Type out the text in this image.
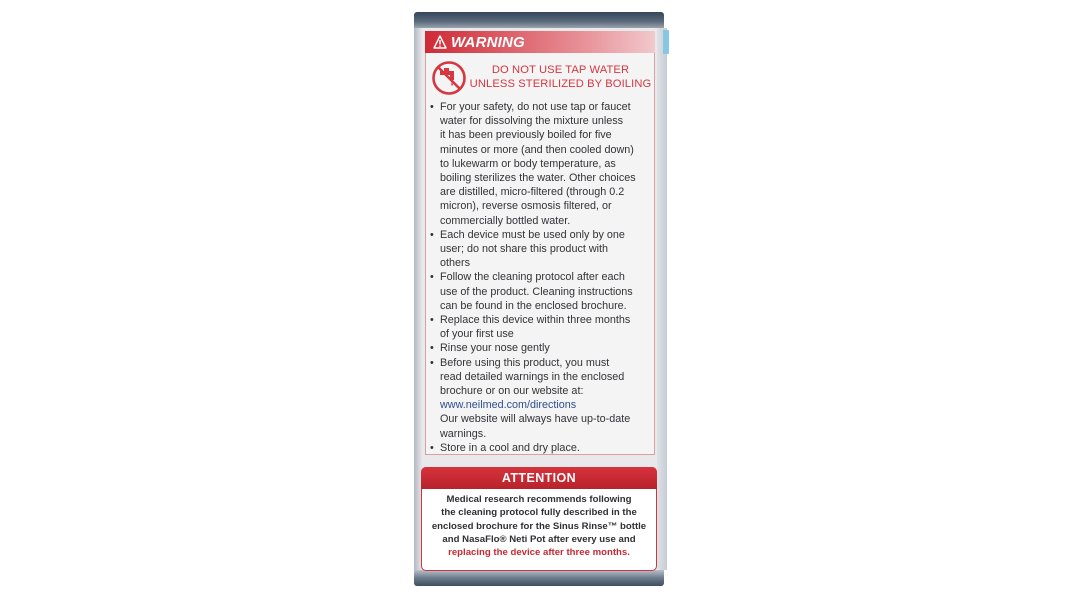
WARNING
DO NOT USE TAP WATER
UNLESS STERILIZED BY BOILING
• For your safety, do not use tap or faucet
water for dissolving the mixture unless
it has been previously boiled for five
minutes or more (and then cooled down)
to lukewarm or body temperature, as
boiling sterilizes the water. Other choices
are distilled, micro-filtered (through 0.2
micron), reverse osmosis filtered, or
commercially bottled water.
• Each device must be used only by one
user; do not share this product with
others
• Follow the cleaning protocol after each
use of the product. Cleaning instructions
can be found in the enclosed brochure.
• Replace this device within three months
of your first use
• Rinse your nose gently
• Before using this product, you must
read detailed warnings in the enclosed
brochure or on our website at:
www.neilmed.com/directions
Our website will always have up-to-date
warnings.
• Store in a cool and dry place.
ATTENTION
Medical research recommends following
the cleaning protocol fully described in the
enclosed brochure for the Sinus Rinse™ bottle
and NasaFlo® Neti Pot after every use and
replacing the device after three months.
